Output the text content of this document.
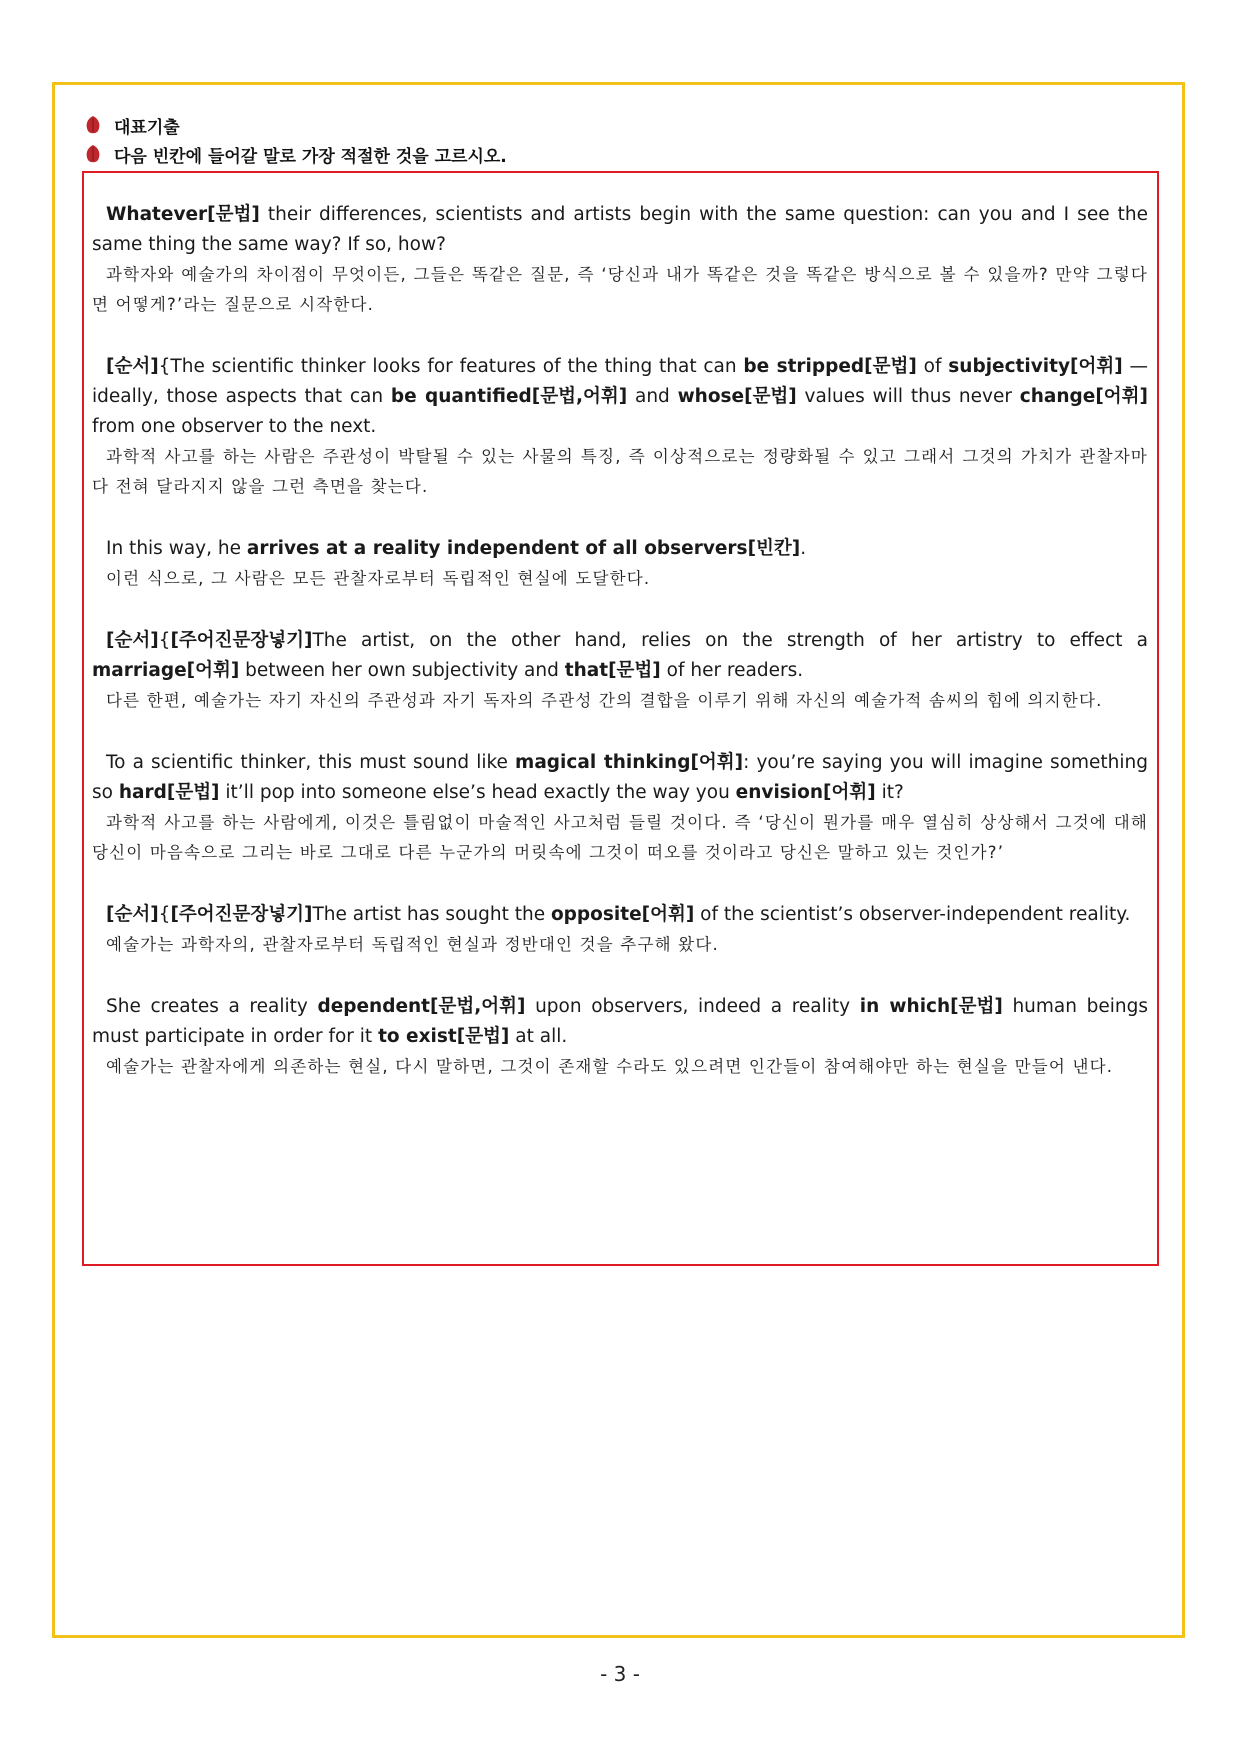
대표기출
다음 빈칸에 들어갈 말로 가장 적절한 것을 고르시오.

Whatever[문법] their differences, scientists and artists begin with the same question: can you and I see the same thing the same way? If so, how?

과학자와 예술가의 차이점이 무엇이든, 그들은 똑같은 질문, 즉 ‘당신과 내가 똑같은 것을 똑같은 방식으로 볼 수 있을까? 만약 그렇다면 어떻게?’라는 질문으로 시작한다.

[순서]{The scientific thinker looks for features of the thing that can be stripped[문법] of subjectivity[어휘] — ideally, those aspects that can be quantified[문법,어휘] and whose[문법] values will thus never change[어휘] from one observer to the next.

과학적 사고를 하는 사람은 주관성이 박탈될 수 있는 사물의 특징, 즉 이상적으로는 정량화될 수 있고 그래서 그것의 가치가 관찰자마다 전혀 달라지지 않을 그런 측면을 찾는다.

In this way, he arrives at a reality independent of all observers[빈칸].

이런 식으로, 그 사람은 모든 관찰자로부터 독립적인 현실에 도달한다.

[순서]{[주어진문장넣기]The artist, on the other hand, relies on the strength of her artistry to effect a marriage[어휘] between her own subjectivity and that[문법] of her readers.

다른 한편, 예술가는 자기 자신의 주관성과 자기 독자의 주관성 간의 결합을 이루기 위해 자신의 예술가적 솜씨의 힘에 의지한다.

To a scientific thinker, this must sound like magical thinking[어휘]: you’re saying you will imagine something so hard[문법] it’ll pop into someone else’s head exactly the way you envision[어휘] it?

과학적 사고를 하는 사람에게, 이것은 틀림없이 마술적인 사고처럼 들릴 것이다. 즉 ‘당신이 뭔가를 매우 열심히 상상해서 그것에 대해 당신이 마음속으로 그리는 바로 그대로 다른 누군가의 머릿속에 그것이 떠오를 것이라고 당신은 말하고 있는 것인가?’

[순서]{[주어진문장넣기]The artist has sought the opposite[어휘] of the scientist’s observer-independent reality.

예술가는 과학자의, 관찰자로부터 독립적인 현실과 정반대인 것을 추구해 왔다.

She creates a reality dependent[문법,어휘] upon observers, indeed a reality in which[문법] human beings must participate in order for it to exist[문법] at all.

예술가는 관찰자에게 의존하는 현실, 다시 말하면, 그것이 존재할 수라도 있으려면 인간들이 참여해야만 하는 현실을 만들어 낸다.

- 3 -
